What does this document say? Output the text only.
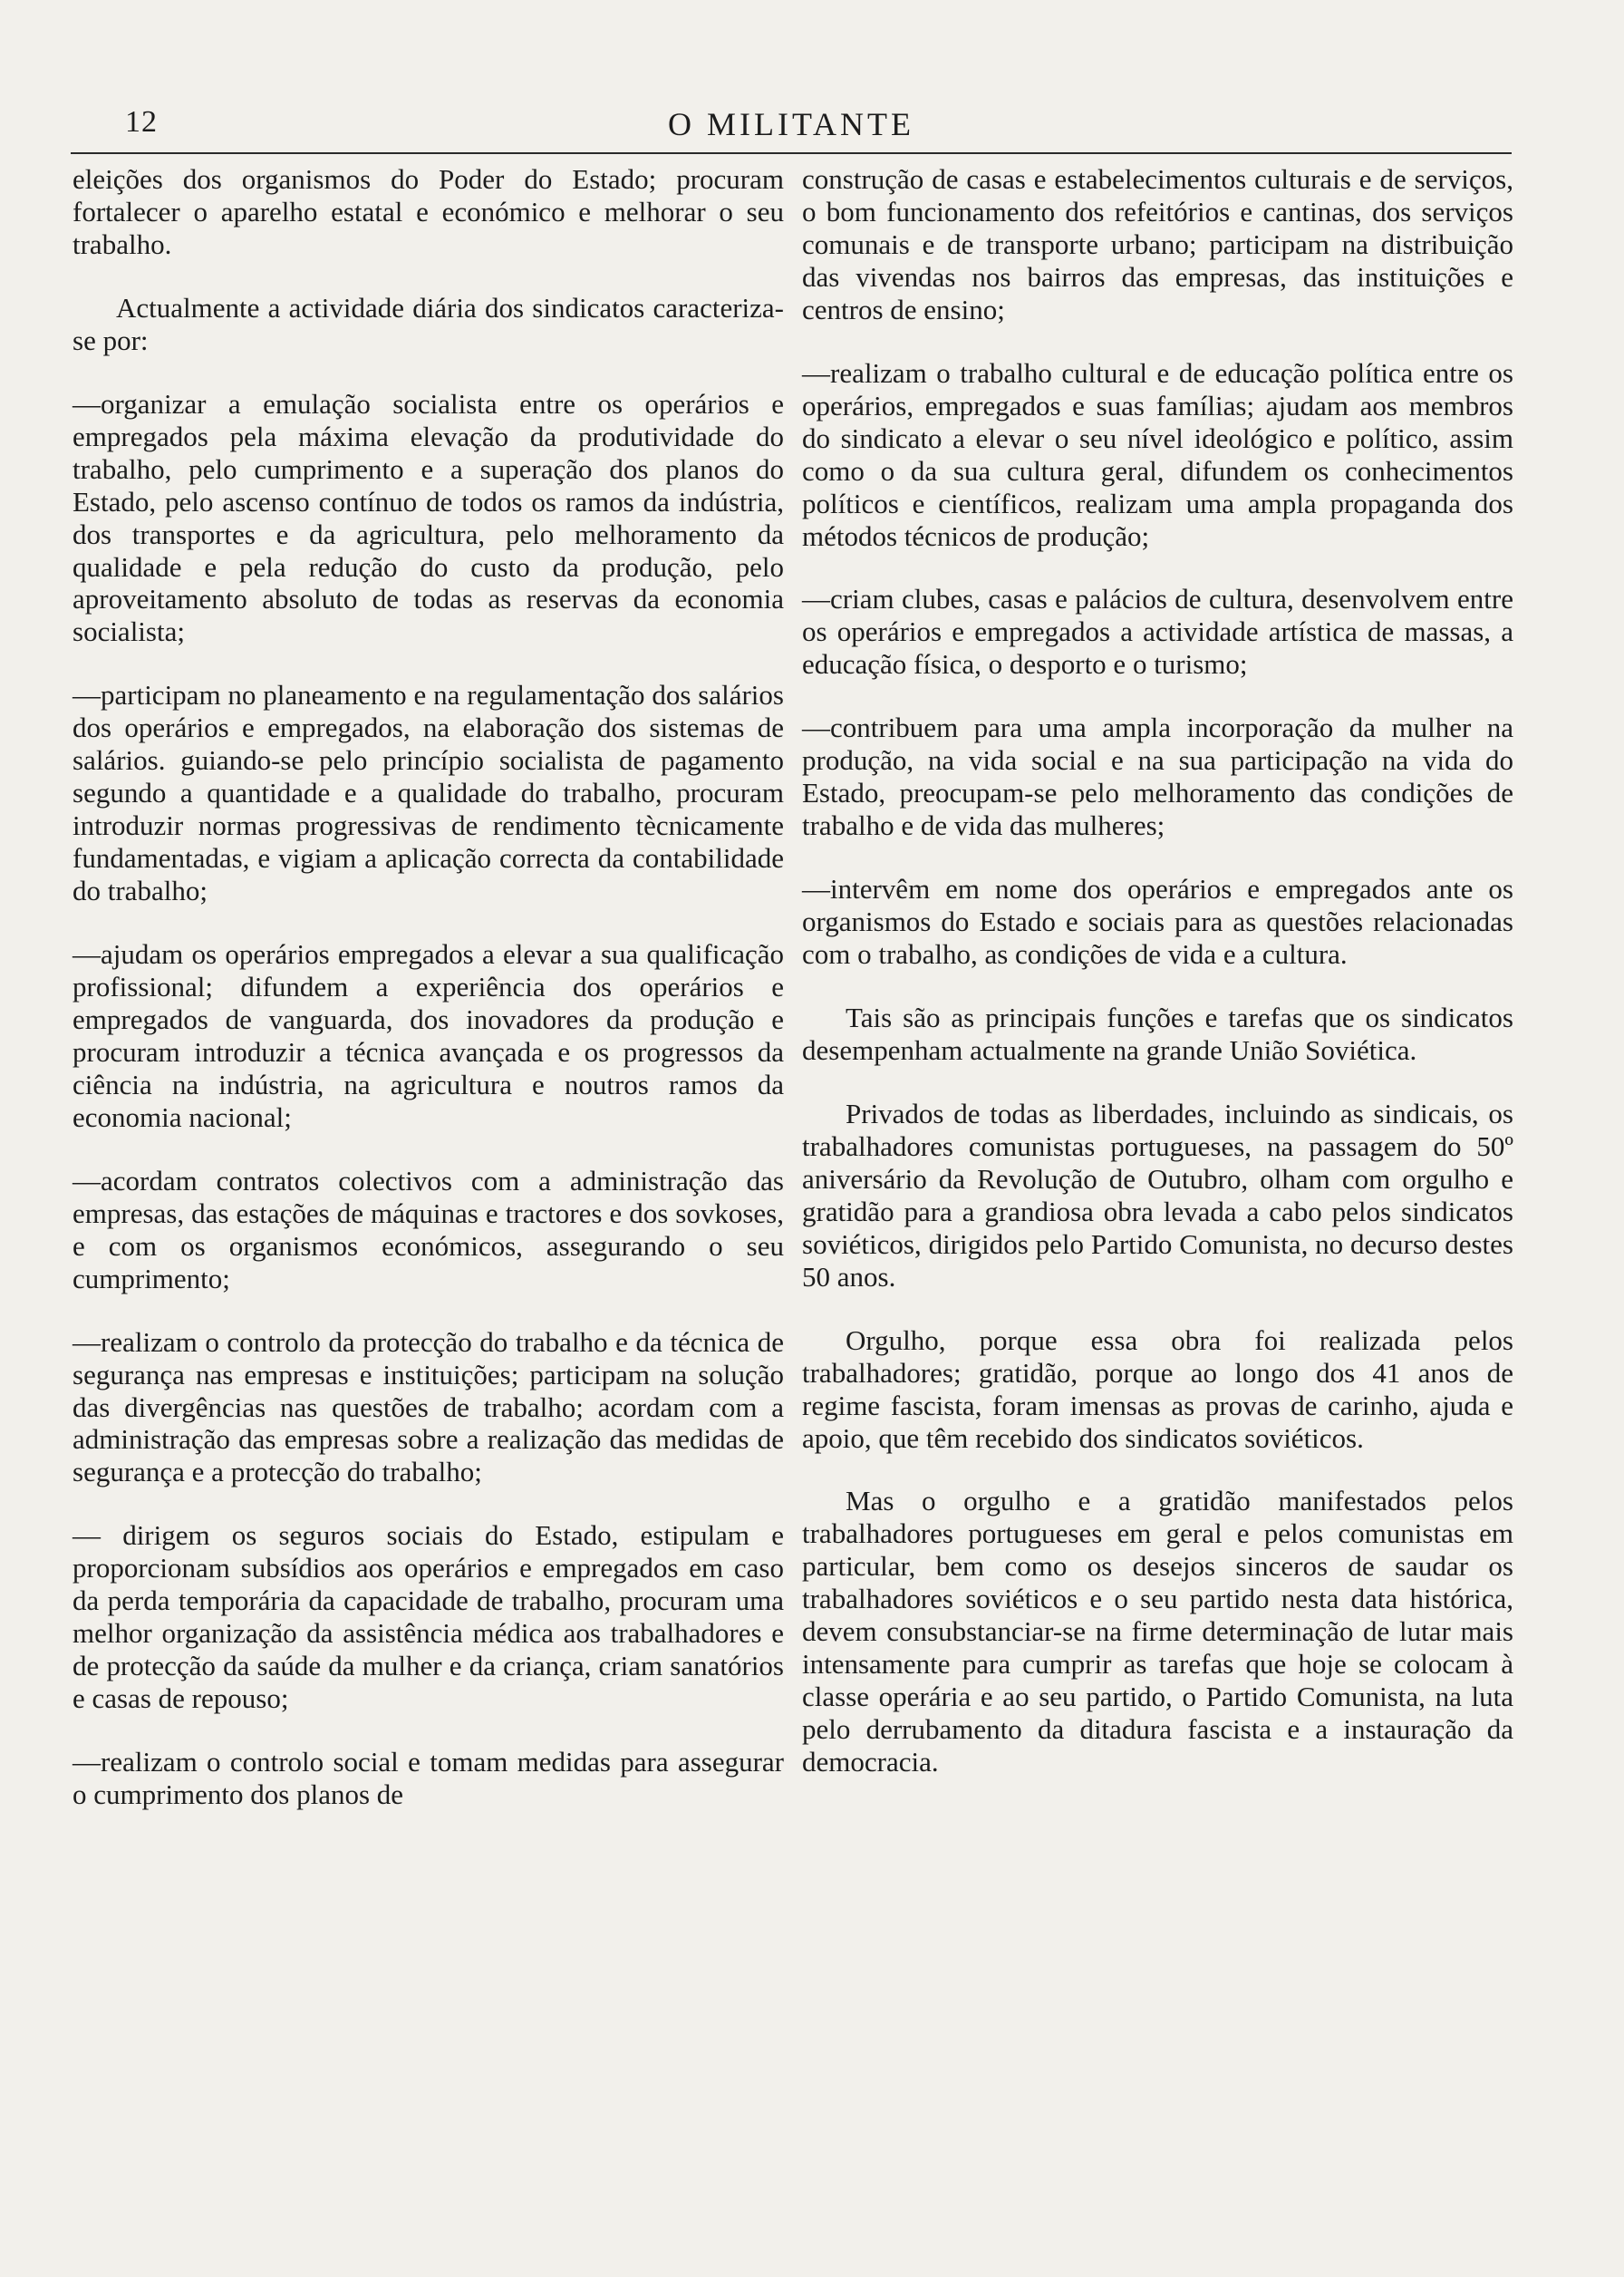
12	O MILITANTE

eleições dos organismos do Poder do Estado; procuram fortalecer o aparelho estatal e económico e melhorar o seu trabalho.

Actualmente a actividade diária dos sindicatos caracteriza-se por:

—organizar a emulação socialista entre os operários e empregados pela máxima elevação da produtividade do trabalho, pelo cumprimento e a superação dos planos do Estado, pelo ascenso contínuo de todos os ramos da indústria, dos transportes e da agricultura, pelo melhoramento da qualidade e pela redução do custo da produção, pelo aproveitamento absoluto de todas as reservas da economia socialista;

—participam no planeamento e na regulamentação dos salários dos operários e empregados, na elaboração dos sistemas de salários. guiando-se pelo princípio socialista de pagamento segundo a quantidade e a qualidade do trabalho, procuram introduzir normas progressivas de rendimento tècnicamente fundamentadas, e vigiam a aplicação correcta da contabilidade do trabalho;

—ajudam os operários empregados a elevar a sua qualificação profissional; difundem a experiência dos operários e empregados de vanguarda, dos inovadores da produção e procuram introduzir a técnica avançada e os progressos da ciência na indústria, na agricultura e noutros ramos da economia nacional;

—acordam contratos colectivos com a administração das empresas, das estações de máquinas e tractores e dos sovkoses, e com os organismos económicos, assegurando o seu cumprimento;

—realizam o controlo da protecção do trabalho e da técnica de segurança nas empresas e instituições; participam na solução das divergências nas questões de trabalho; acordam com a administração das empresas sobre a realização das medidas de segurança e a protecção do trabalho;

— dirigem os seguros sociais do Estado, estipulam e proporcionam subsídios aos operários e empregados em caso da perda temporária da capacidade de trabalho, procuram uma melhor organização da assistência médica aos trabalhadores e de protecção da saúde da mulher e da criança, criam sanatórios e casas de repouso;

—realizam o controlo social e tomam medidas para assegurar o cumprimento dos planos de

construção de casas e estabelecimentos culturais e de serviços, o bom funcionamento dos refeitórios e cantinas, dos serviços comunais e de transporte urbano; participam na distribuição das vivendas nos bairros das empresas, das instituições e centros de ensino;

—realizam o trabalho cultural e de educação política entre os operários, empregados e suas famílias; ajudam aos membros do sindicato a elevar o seu nível ideológico e político, assim como o da sua cultura geral, difundem os conhecimentos políticos e científicos, realizam uma ampla propaganda dos métodos técnicos de produção;

—criam clubes, casas e palácios de cultura, desenvolvem entre os operários e empregados a actividade artística de massas, a educação física, o desporto e o turismo;

—contribuem para uma ampla incorporação da mulher na produção, na vida social e na sua participação na vida do Estado, preocupam-se pelo melhoramento das condições de trabalho e de vida das mulheres;

—intervêm em nome dos operários e empregados ante os organismos do Estado e sociais para as questões relacionadas com o trabalho, as condições de vida e a cultura.

Tais são as principais funções e tarefas que os sindicatos desempenham actualmente na grande União Soviética.

Privados de todas as liberdades, incluindo as sindicais, os trabalhadores comunistas portugueses, na passagem do 50º aniversário da Revolução de Outubro, olham com orgulho e gratidão para a grandiosa obra levada a cabo pelos sindicatos soviéticos, dirigidos pelo Partido Comunista, no decurso destes 50 anos.

Orgulho, porque essa obra foi realizada pelos trabalhadores; gratidão, porque ao longo dos 41 anos de regime fascista, foram imensas as provas de carinho, ajuda e apoio, que têm recebido dos sindicatos soviéticos.

Mas o orgulho e a gratidão manifestados pelos trabalhadores portugueses em geral e pelos comunistas em particular, bem como os desejos sinceros de saudar os trabalhadores soviéticos e o seu partido nesta data histórica, devem consubstanciar-se na firme determinação de lutar mais intensamente para cumprir as tarefas que hoje se colocam à classe operária e ao seu partido, o Partido Comunista, na luta pelo derrubamento da ditadura fascista e a instauração da democracia.
